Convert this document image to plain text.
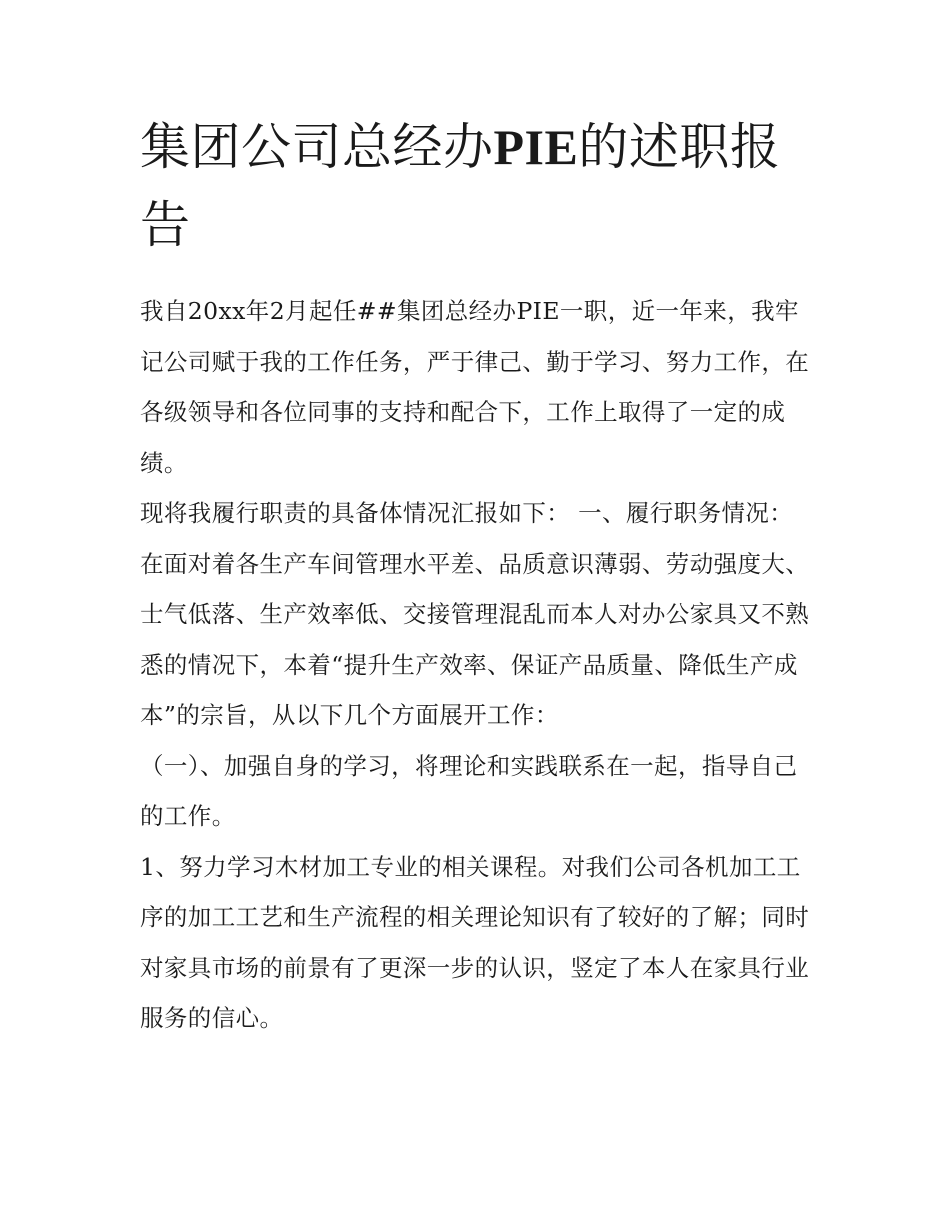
集团公司总经办PIE的述职报告

我自20xx年2月起任##集团总经办PIE一职，近一年来，我牢记公司赋于我的工作任务，严于律己、勤于学习、努力工作，在各级领导和各位同事的支持和配合下，工作上取得了一定的成绩。

现将我履行职责的具备体情况汇报如下： 一、履行职务情况：

在面对着各生产车间管理水平差、品质意识薄弱、劳动强度大、士气低落、生产效率低、交接管理混乱而本人对办公家具又不熟悉的情况下，本着“提升生产效率、保证产品质量、降低生产成本”的宗旨，从以下几个方面展开工作：

（一）、加强自身的学习，将理论和实践联系在一起，指导自己的工作。

1、努力学习木材加工专业的相关课程。对我们公司各机加工工序的加工工艺和生产流程的相关理论知识有了较好的了解；同时对家具市场的前景有了更深一步的认识，竖定了本人在家具行业服务的信心。
